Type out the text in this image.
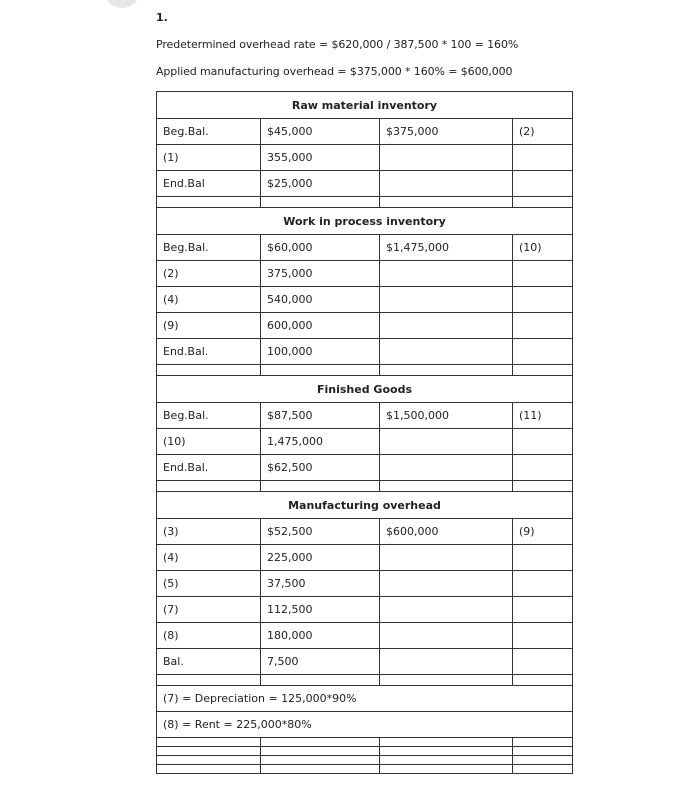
1.
Predetermined overhead rate = $620,000 / 387,500 * 100 = 160%
Applied manufacturing overhead = $375,000 * 160% = $600,000
Raw material inventory			
Beg.Bal.	$45,000	$375,000	(2)
(1)	355,000		
End.Bal	$25,000		

Work in process inventory			
Beg.Bal.	$60,000	$1,475,000	(10)
(2)	375,000		
(4)	540,000		
(9)	600,000		
End.Bal.	100,000		

Finished Goods			
Beg.Bal.	$87,500	$1,500,000	(11)
(10)	1,475,000		
End.Bal.	$62,500		

Manufacturing overhead			
(3)	$52,500	$600,000	(9)
(4)	225,000		
(5)	37,500		
(7)	112,500		
(8)	180,000		
Bal.	7,500		

(7) = Depreciation = 125,000*90%			
(8) = Rent = 225,000*80%			
